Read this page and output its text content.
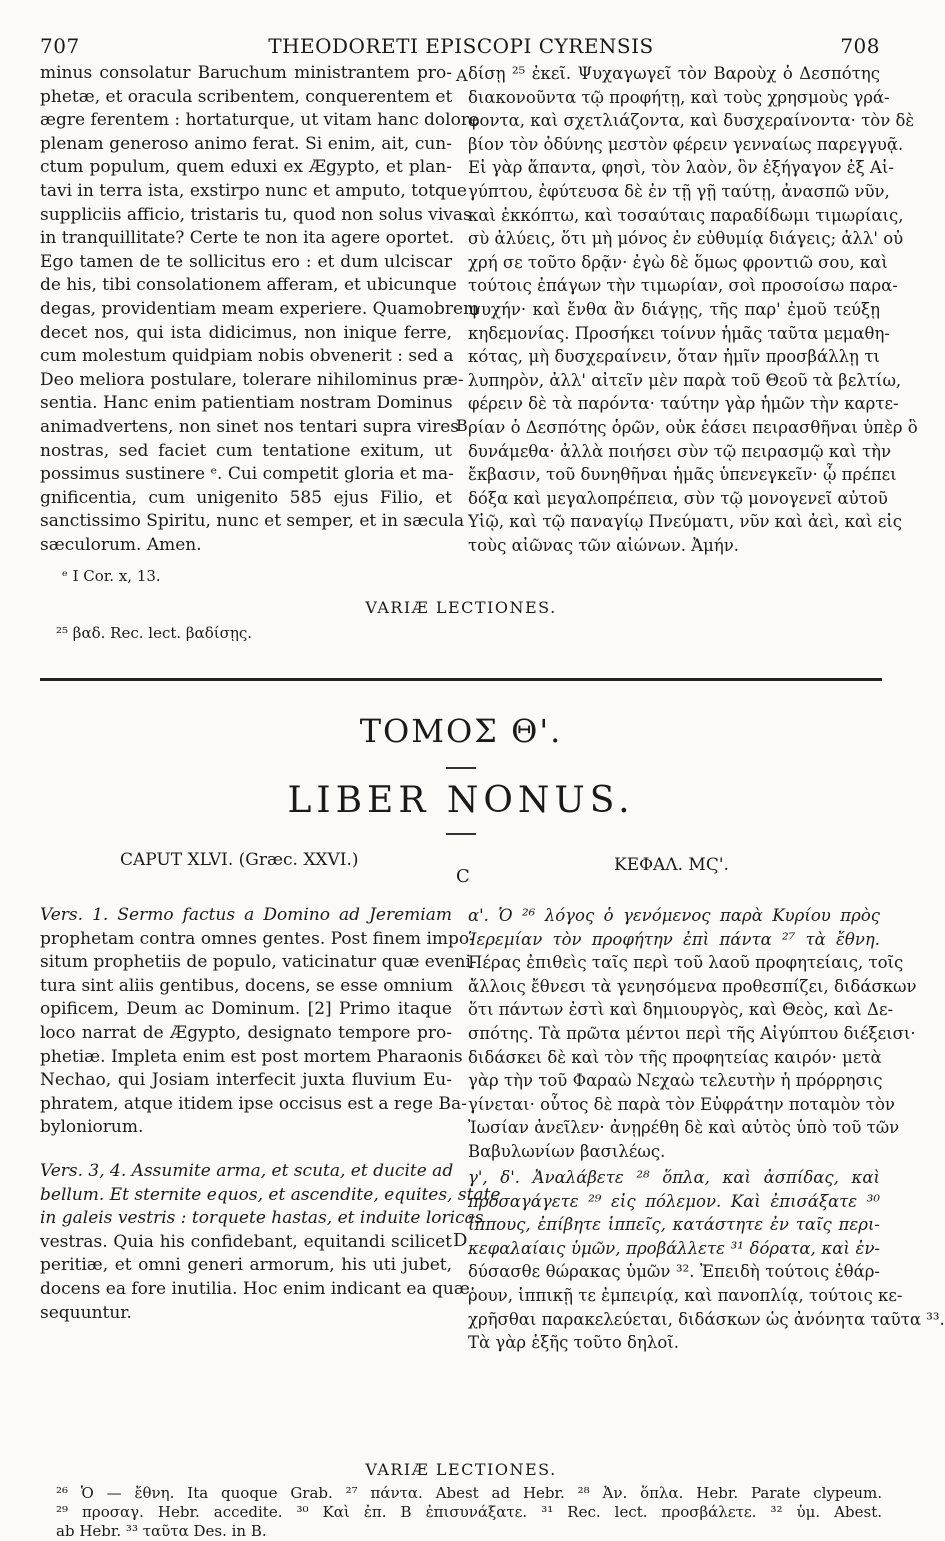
707	THEODORETI EPISCOPI CYRENSIS	708
minus consolatur Baruchum ministrantem pro-
phetæ, et oracula scribentem, conquerentem et
ægre ferentem : hortaturque, ut vitam hanc dolore
plenam generoso animo ferat. Si enim, ait, cun-
ctum populum, quem eduxi ex Ægypto, et plan-
tavi in terra ista, exstirpo nunc et amputo, totque
suppliciis afficio, tristaris tu, quod non solus vivas
in tranquillitate? Certe te non ita agere oportet.
Ego tamen de te sollicitus ero : et dum ulciscar
de his, tibi consolationem afferam, et ubicunque
degas, providentiam meam experiere. Quamobrem
decet nos, qui ista didicimus, non inique ferre,
cum molestum quidpiam nobis obvenerit : sed a
Deo meliora postulare, tolerare nihilominus præ-
sentia. Hanc enim patientiam nostram Dominus
animadvertens, non sinet nos tentari supra vires
nostras, sed faciet cum tentatione exitum, ut
possimus sustinere ᵉ. Cui competit gloria et ma-
gnificentia, cum unigenito 585 ejus Filio, et
sanctissimo Spiritu, nunc et semper, et in sæcula
sæculorum. Amen.
A
B
C
D
δίσῃ ²⁵ ἐκεῖ. Ψυχαγωγεῖ τὸν Βαροὺχ ὁ Δεσπότης
διακονοῦντα τῷ προφήτῃ, καὶ τοὺς χρησμοὺς γρά-
φοντα, καὶ σχετλιάζοντα, καὶ δυσχεραίνοντα· τὸν δὲ
βίον τὸν ὀδύνης μεστὸν φέρειν γενναίως παρεγγυᾷ.
Εἰ γὰρ ἅπαντα, φησὶ, τὸν λαὸν, ὃν ἐξήγαγον ἐξ Αἰ-
γύπτου, ἐφύτευσα δὲ ἐν τῇ γῇ ταύτῃ, ἀνασπῶ νῦν,
καὶ ἐκκόπτω, καὶ τοσαύταις παραδίδωμι τιμωρίαις,
σὺ ἀλύεις, ὅτι μὴ μόνος ἐν εὐθυμίᾳ διάγεις; ἀλλ' οὐ
χρή σε τοῦτο δρᾷν· ἐγὼ δὲ ὅμως φροντιῶ σου, καὶ
τούτοις ἐπάγων τὴν τιμωρίαν, σοὶ προσοίσω παρα-
ψυχήν· καὶ ἔνθα ἂν διάγῃς, τῆς παρ' ἐμοῦ τεύξῃ
κηδεμονίας. Προσήκει τοίνυν ἡμᾶς ταῦτα μεμαθη-
κότας, μὴ δυσχεραίνειν, ὅταν ἡμῖν προσβάλλῃ τι
λυπηρὸν, ἀλλ' αἰτεῖν μὲν παρὰ τοῦ Θεοῦ τὰ βελτίω,
φέρειν δὲ τὰ παρόντα· ταύτην γὰρ ἡμῶν τὴν καρτε-
ρίαν ὁ Δεσπότης ὁρῶν, οὐκ ἐάσει πειρασθῆναι ὑπὲρ ὃ
δυνάμεθα· ἀλλὰ ποιήσει σὺν τῷ πειρασμῷ καὶ τὴν
ἔκβασιν, τοῦ δυνηθῆναι ἡμᾶς ὑπενεγκεῖν· ᾧ πρέπει
δόξα καὶ μεγαλοπρέπεια, σὺν τῷ μονογενεῖ αὐτοῦ
Υἱῷ, καὶ τῷ παναγίῳ Πνεύματι, νῦν καὶ ἀεὶ, καὶ εἰς
τοὺς αἰῶνας τῶν αἰώνων. Ἀμήν.
ᵉ I Cor. x, 13.
VARIÆ LECTIONES.
²⁵ βαδ. Rec. lect. βαδίσῃς.
ΤΟΜΟΣ Θ'.
LIBER NONUS.
CAPUT XLVI. (Græc. XXVI.)	ΚΕΦΑΛ. ΜϚ'.
Vers. 1. Sermo factus a Domino ad Jeremiam
prophetam contra omnes gentes. Post finem impo-
situm prophetiis de populo, vaticinatur quæ eveni-
tura sint aliis gentibus, docens, se esse omnium
opificem, Deum ac Dominum. [2] Primo itaque
loco narrat de Ægypto, designato tempore pro-
phetiæ. Impleta enim est post mortem Pharaonis
Nechao, qui Josiam interfecit juxta fluvium Eu-
phratem, atque itidem ipse occisus est a rege Ba-
byloniorum.
Vers. 3, 4. Assumite arma, et scuta, et ducite ad
bellum. Et sternite equos, et ascendite, equites, state
in galeis vestris : torquete hastas, et induite loricas
vestras. Quia his confidebant, equitandi scilicet
peritiæ, et omni generi armorum, his uti jubet,
docens ea fore inutilia. Hoc enim indicant ea quæ
sequuntur.
α'. Ὁ ²⁶ λόγος ὁ γενόμενος παρὰ Κυρίου πρὸς
Ἱερεμίαν τὸν προφήτην ἐπὶ πάντα ²⁷ τὰ ἔθνη.
Πέρας ἐπιθεὶς ταῖς περὶ τοῦ λαοῦ προφητείαις, τοῖς
ἄλλοις ἔθνεσι τὰ γενησόμενα προθεσπίζει, διδάσκων
ὅτι πάντων ἐστὶ καὶ δημιουργὸς, καὶ Θεὸς, καὶ Δε-
σπότης. Τὰ πρῶτα μέντοι περὶ τῆς Αἰγύπτου διέξεισι·
διδάσκει δὲ καὶ τὸν τῆς προφητείας καιρόν· μετὰ
γὰρ τὴν τοῦ Φαραὼ Νεχαὼ τελευτὴν ἡ πρόρρησις
γίνεται· οὗτος δὲ παρὰ τὸν Εὐφράτην ποταμὸν τὸν
Ἰωσίαν ἀνεῖλεν· ἀνῃρέθη δὲ καὶ αὐτὸς ὑπὸ τοῦ τῶν
Βαβυλωνίων βασιλέως.
γ', δ'. Ἀναλάβετε ²⁸ ὅπλα, καὶ ἀσπίδας, καὶ
προσαγάγετε ²⁹ εἰς πόλεμον. Καὶ ἐπισάξατε ³⁰
ἵππους, ἐπίβητε ἱππεῖς, κατάστητε ἐν ταῖς περι-
κεφαλαίαις ὑμῶν, προβάλλετε ³¹ δόρατα, καὶ ἐν-
δύσασθε θώρακας ὑμῶν ³². Ἐπειδὴ τούτοις ἐθάρ-
ῥουν, ἱππικῇ τε ἐμπειρίᾳ, καὶ πανοπλίᾳ, τούτοις κε-
χρῆσθαι παρακελεύεται, διδάσκων ὡς ἀνόνητα ταῦτα ³³.
Τὰ γὰρ ἑξῆς τοῦτο δηλοῖ.
VARIÆ LECTIONES.
²⁶ Ὁ — ἔθνη. Ita quoque Grab. ²⁷ πάντα. Abest ad Hebr. ²⁸ Ἀν. ὅπλα. Hebr. Parate clypeum.
²⁹ προσαγ. Hebr. accedite. ³⁰ Καὶ ἐπ. B ἐπισυνάξατε. ³¹ Rec. lect. προσβάλετε. ³² ὑμ. Abest.
ab Hebr. ³³ ταῦτα Des. in B.
